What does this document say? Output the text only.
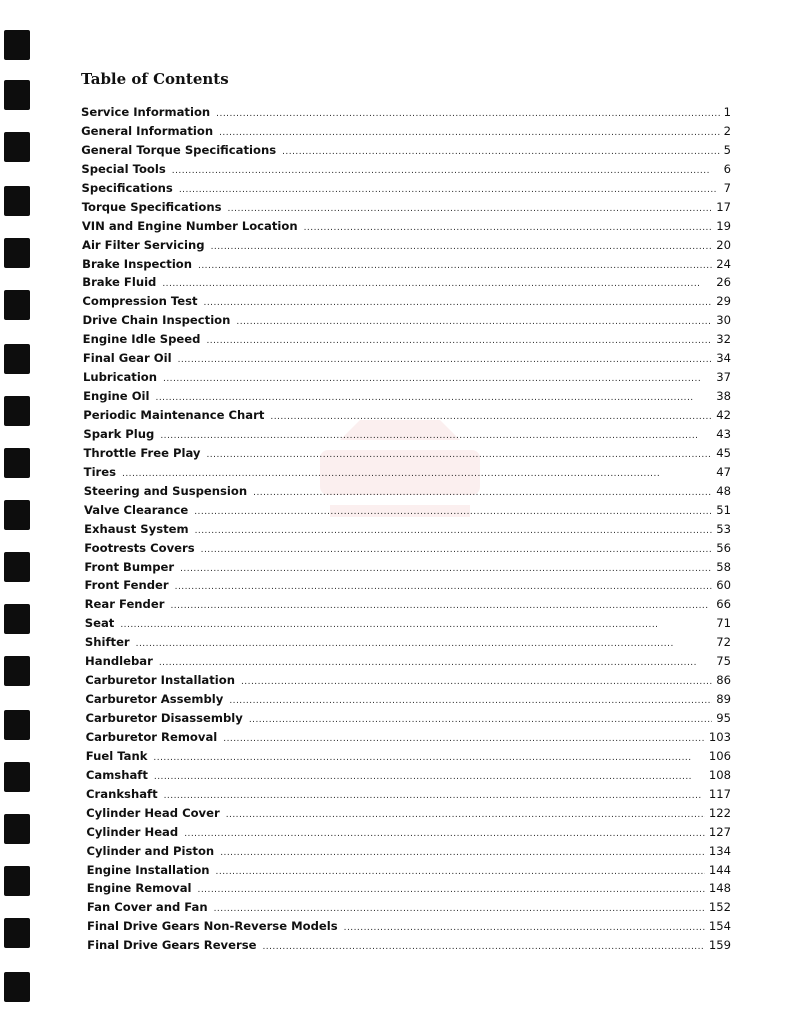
Table of Contents
Service Information . . .	1
General Information . . .	2
General Torque Specifications . . .	5
Special Tools . . .	6
Specifications . . .	7
Torque Specifications . . .	17
VIN and Engine Number Location . . .	19
Air Filter Servicing . . .	20
Brake Inspection . . .	24
Brake Fluid . . .	26
Compression Test . . .	29
Drive Chain Inspection . . .	30
Engine Idle Speed . . .	32
Final Gear Oil . . .	34
Lubrication . . .	37
Engine Oil . . .	38
Periodic Maintenance Chart . . .	42
Spark Plug . . .	43
Throttle Free Play . . .	45
Tires . . .	47
Steering and Suspension . . .	48
Valve Clearance . . .	51
Exhaust System . . .	53
Footrests Covers . . .	56
Front Bumper . . .	58
Front Fender . . .	60
Rear Fender . . .	66
Seat . . .	71
Shifter . . .	72
Handlebar . . .	75
Carburetor Installation . . .	86
Carburetor Assembly . . .	89
Carburetor Disassembly . . .	95
Carburetor Removal . . .	103
Fuel Tank . . .	106
Camshaft . . .	108
Crankshaft . . .	117
Cylinder Head Cover . . .	122
Cylinder Head . . .	127
Cylinder and Piston . . .	134
Engine Installation . . .	144
Engine Removal . . .	148
Fan Cover and Fan . . .	152
Final Drive Gears Non-Reverse Models . . .	154
Final Drive Gears Reverse . . .	159
